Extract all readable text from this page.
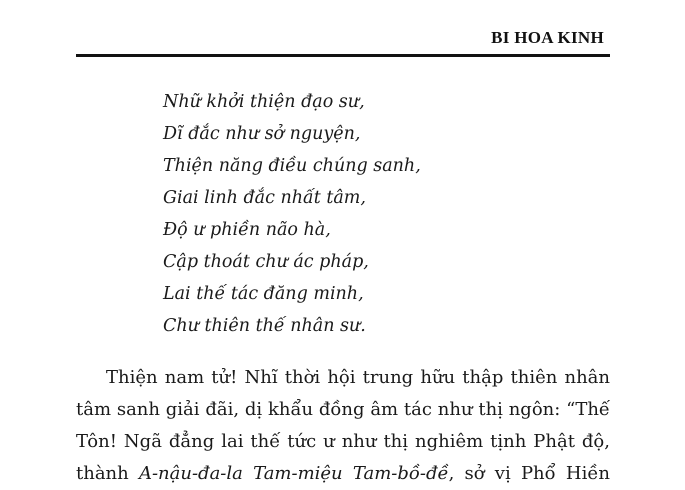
BI HOA KINH
Nhữ khởi thiện đạo sư,
Dĩ đắc như sở nguyện,
Thiện năng điều chúng sanh,
Giai linh đắc nhất tâm,
Độ ư phiền não hà,
Cập thoát chư ác pháp,
Lai thế tác đăng minh,
Chư thiên thế nhân sư.
Thiện nam tử! Nhĩ thời hội trung hữu thập thiên nhân
tâm sanh giải đãi, dị khẩu đồng âm tác như thị ngôn: “Thế
Tôn! Ngã đẳng lai thế tức ư như thị nghiêm tịnh Phật độ,
thành A-nậu-đa-la Tam-miệu Tam-bồ-đề, sở vị Phổ Hiền
